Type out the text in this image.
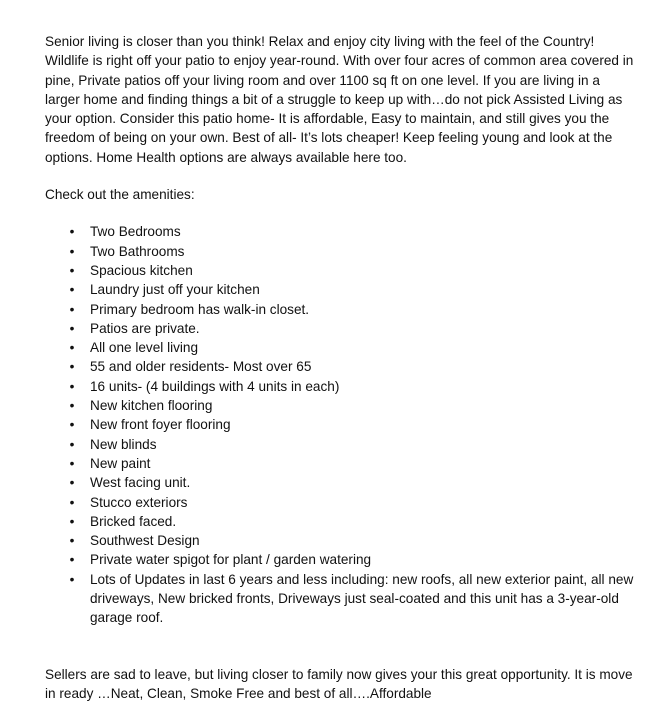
Senior living is closer than you think! Relax and enjoy city living with the feel of the Country! Wildlife is right off your patio to enjoy year-round. With over four acres of common area covered in pine, Private patios off your living room and over 1100 sq ft on one level. If you are living in a larger home and finding things a bit of a struggle to keep up with…do not pick Assisted Living as your option. Consider this patio home- It is affordable, Easy to maintain, and still gives you the freedom of being on your own. Best of all- It’s lots cheaper! Keep feeling young and look at the options. Home Health options are always available here too.

Check out the amenities:

• Two Bedrooms
• Two Bathrooms
• Spacious kitchen
• Laundry just off your kitchen
• Primary bedroom has walk-in closet.
• Patios are private.
• All one level living
• 55 and older residents- Most over 65
• 16 units- (4 buildings with 4 units in each)
• New kitchen flooring
• New front foyer flooring
• New blinds
• New paint
• West facing unit.
• Stucco exteriors
• Bricked faced.
• Southwest Design
• Private water spigot for plant / garden watering
• Lots of Updates in last 6 years and less including: new roofs, all new exterior paint, all new driveways, New bricked fronts, Driveways just seal-coated and this unit has a 3-year-old garage roof.

Sellers are sad to leave, but living closer to family now gives your this great opportunity. It is move in ready …Neat, Clean, Smoke Free and best of all….Affordable
